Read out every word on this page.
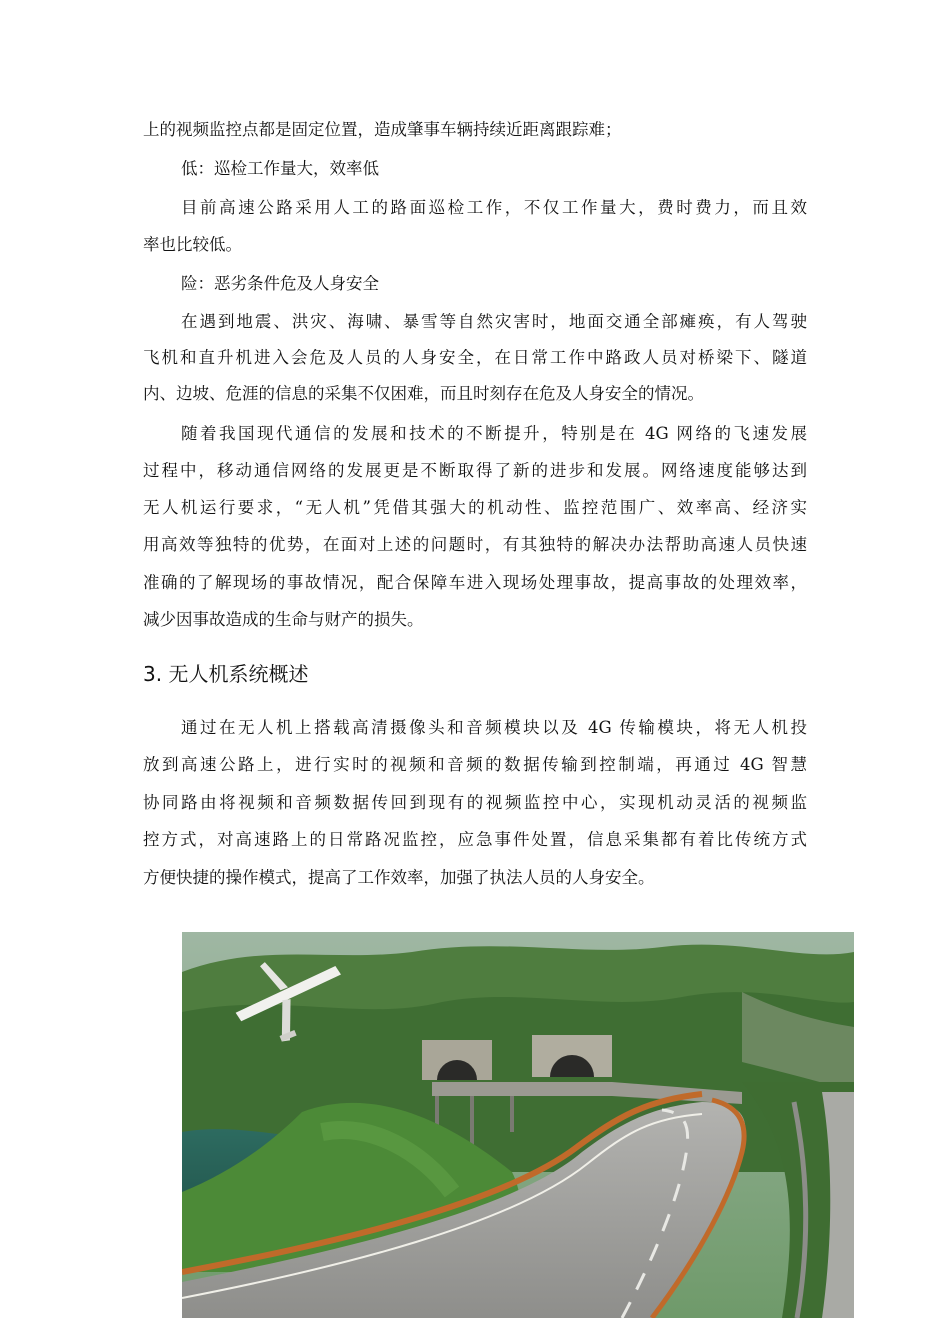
上的视频监控点都是固定位置，造成肇事车辆持续近距离跟踪难；
低：巡检工作量大，效率低
目前高速公路采用人工的路面巡检工作，不仅工作量大，费时费力，而且效
率也比较低。
险：恶劣条件危及人身安全
在遇到地震、洪灾、海啸、暴雪等自然灾害时，地面交通全部瘫痪，有人驾驶
飞机和直升机进入会危及人员的人身安全，在日常工作中路政人员对桥梁下、隧道
内、边坡、危涯的信息的采集不仅困难，而且时刻存在危及人身安全的情况。
随着我国现代通信的发展和技术的不断提升，特别是在 4G 网络的飞速发展
过程中，移动通信网络的发展更是不断取得了新的进步和发展。网络速度能够达到
无人机运行要求，“无人机”凭借其强大的机动性、监控范围广、效率高、经济实
用高效等独特的优势，在面对上述的问题时，有其独特的解决办法帮助高速人员快速
准确的了解现场的事故情况，配合保障车进入现场处理事故，提高事故的处理效率，
减少因事故造成的生命与财产的损失。
3. 无人机系统概述
通过在无人机上搭载高清摄像头和音频模块以及 4G 传输模块，将无人机投
放到高速公路上，进行实时的视频和音频的数据传输到控制端，再通过 4G 智慧
协同路由将视频和音频数据传回到现有的视频监控中心，实现机动灵活的视频监
控方式，对高速路上的日常路况监控，应急事件处置，信息采集都有着比传统方式
方便快捷的操作模式，提高了工作效率，加强了执法人员的人身安全。
